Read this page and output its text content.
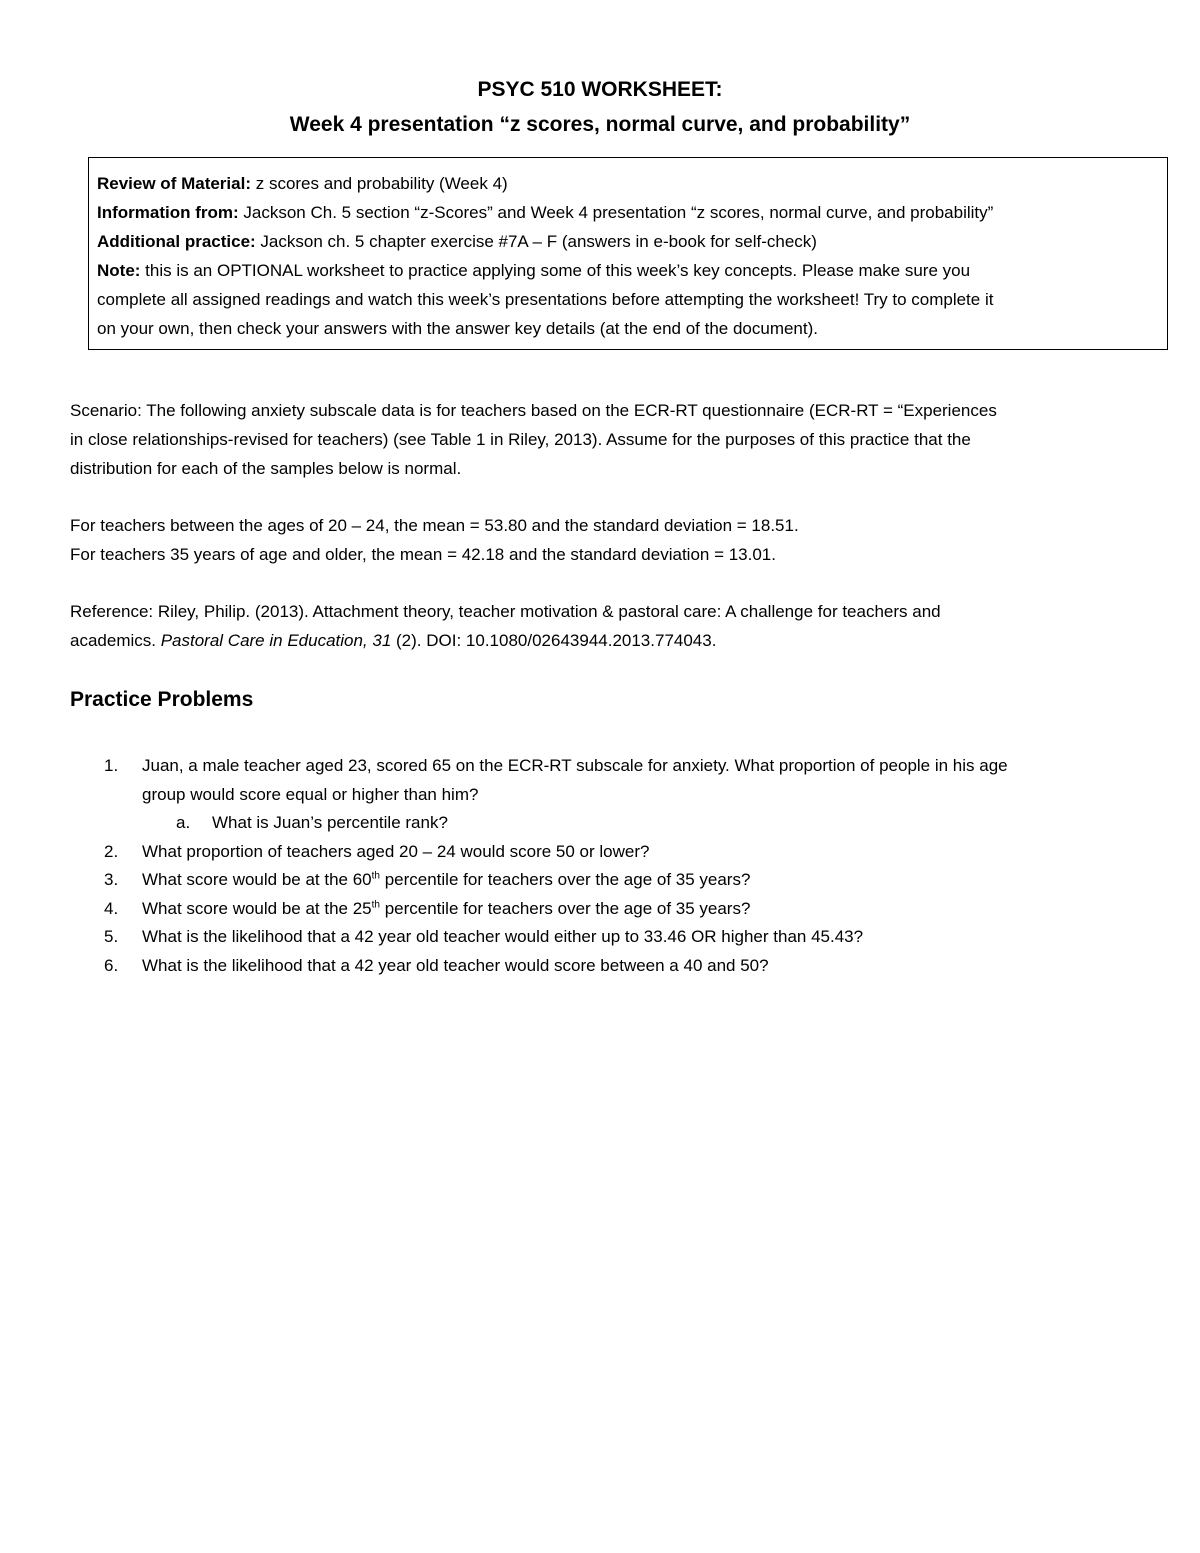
PSYC 510 WORKSHEET:
Week 4 presentation “z scores, normal curve, and probability”

Review of Material: z scores and probability (Week 4)

Information from: Jackson Ch. 5 section “z-Scores” and Week 4 presentation “z scores, normal curve, and probability”

Additional practice: Jackson ch. 5 chapter exercise #7A – F (answers in e-book for self-check)

Note: this is an OPTIONAL worksheet to practice applying some of this week’s key concepts. Please make sure you

complete all assigned readings and watch this week’s presentations before attempting the worksheet! Try to complete it

on your own, then check your answers with the answer key details (at the end of the document).

Scenario: The following anxiety subscale data is for teachers based on the ECR-RT questionnaire (ECR-RT = “Experiences

in close relationships-revised for teachers) (see Table 1 in Riley, 2013). Assume for the purposes of this practice that the

distribution for each of the samples below is normal.

For teachers between the ages of 20 – 24, the mean = 53.80 and the standard deviation = 18.51.

For teachers 35 years of age and older, the mean = 42.18 and the standard deviation = 13.01.

Reference: Riley, Philip. (2013). Attachment theory, teacher motivation & pastoral care: A challenge for teachers and

academics. Pastoral Care in Education, 31 (2). DOI: 10.1080/02643944.2013.774043.

Practice Problems
1. Juan, a male teacher aged 23, scored 65 on the ECR-RT subscale for anxiety. What proportion of people in his age
group would score equal or higher than him?
a. What is Juan’s percentile rank?
2. What proportion of teachers aged 20 – 24 would score 50 or lower?
3. What score would be at the 60th percentile for teachers over the age of 35 years?
4. What score would be at the 25th percentile for teachers over the age of 35 years?
5. What is the likelihood that a 42 year old teacher would either up to 33.46 OR higher than 45.43?
6. What is the likelihood that a 42 year old teacher would score between a 40 and 50?
